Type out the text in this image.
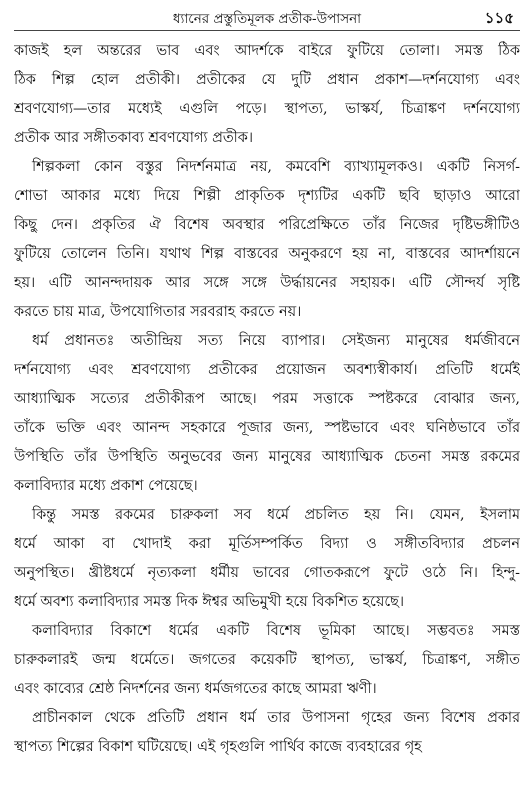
ধ্যানের প্রস্তুতিমূলক প্রতীক-উপাসনা	১১৫
কাজই হল অন্তরের ভাব এবং আদর্শকে বাইরে ফুটিয়ে তোলা। সমস্ত ঠিক
ঠিক শিল্প হোল প্রতীকী। প্রতীকের যে দুটি প্রধান প্রকাশ—দর্শনযোগ্য এবং
শ্রবণযোগ্য—তার মধ্যেই এগুলি পড়ে। স্থাপত্য, ভাস্কর্য, চিত্রাঙ্কণ দর্শনযোগ্য
প্রতীক আর সঙ্গীতকাব্য শ্রবণযোগ্য প্রতীক।
শিল্পকলা কোন বস্তুর নিদর্শনমাত্র নয়, কমবেশি ব্যাখ্যামূলকও। একটি নিসর্গ-
শোভা আকার মধ্যে দিয়ে শিল্পী প্রাকৃতিক দৃশ্যটির একটি ছবি ছাড়াও আরো
কিছু দেন। প্রকৃতির ঐ বিশেষ অবস্থার পরিপ্রেক্ষিতে তাঁর নিজের দৃষ্টিভঙ্গীটিও
ফুটিয়ে তোলেন তিনি। যথাথ শিল্প বাস্তবের অনুকরণে হয় না, বাস্তবের আদর্শায়নে
হয়। এটি আনন্দদায়ক আর সঙ্গে সঙ্গে উর্দ্ধায়নের সহায়ক। এটি সৌন্দর্য সৃষ্টি
করতে চায় মাত্র, উপযোগিতার সরবরাহ করতে নয়।
ধর্ম প্রধানতঃ অতীন্দ্রিয় সত্য নিয়ে ব্যাপার। সেইজন্য মানুষের ধর্মজীবনে
দর্শনযোগ্য এবং শ্রবণযোগ্য প্রতীকের প্রয়োজন অবশ্যস্বীকার্য। প্রতিটি ধর্মেই
আধ্যাত্মিক সত্যের প্রতীকীরূপ আছে। পরম সত্তাকে স্পষ্টকরে বোঝার জন্য,
তাঁকে ভক্তি এবং আনন্দ সহকারে পূজার জন্য, স্পষ্টভাবে এবং ঘনিষ্ঠভাবে তাঁর
উপস্থিতি তাঁর উপস্থিতি অনুভবের জন্য মানুষের আধ্যাত্মিক চেতনা সমস্ত রকমের
কলাবিদ্যার মধ্যে প্রকাশ পেয়েছে।
কিন্তু সমস্ত রকমের চারুকলা সব ধর্মে প্রচলিত হয় নি। যেমন, ইসলাম
ধর্মে আকা বা খোদাই করা মূর্তিসম্পর্কিত বিদ্যা ও সঙ্গীতবিদ্যার প্রচলন
অনুপস্থিত। খ্রীষ্টধর্মে নৃত্যকলা ধর্মীয় ভাবের গোতকরূপে ফুটে ওঠে নি। হিন্দু-
ধর্মে অবশ্য কলাবিদ্যার সমস্ত দিক ঈশ্বর অভিমুখী হয়ে বিকশিত হয়েছে।
কলাবিদ্যার বিকাশে ধর্মের একটি বিশেষ ভূমিকা আছে। সম্ভবতঃ সমস্ত
চারুকলারই জন্ম ধর্মেতে। জগতের কয়েকটি স্থাপত্য, ভাস্কর্য, চিত্রাঙ্কণ, সঙ্গীত
এবং কাব্যের শ্রেষ্ঠ নিদর্শনের জন্য ধর্মজগতের কাছে আমরা ঋণী।
প্রাচীনকাল থেকে প্রতিটি প্রধান ধর্ম তার উপাসনা গৃহের জন্য বিশেষ প্রকার
স্থাপত্য শিল্পের বিকাশ ঘটিয়েছে। এই গৃহগুলি পার্থিব কাজে ব্যবহারের গৃহ
